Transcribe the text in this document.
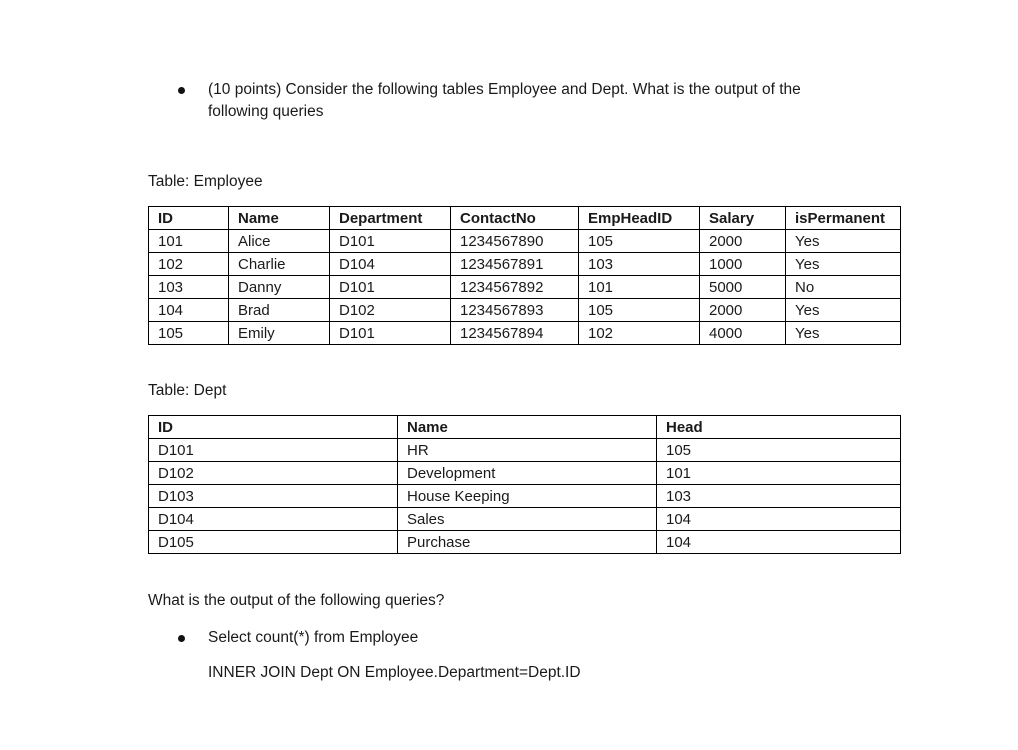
(10 points) Consider the following tables Employee and Dept. What is the output of the
following queries
Table: Employee
ID	Name	Department	ContactNo	EmpHeadID	Salary	isPermanent
101	Alice	D101	1234567890	105	2000	Yes
102	Charlie	D104	1234567891	103	1000	Yes
103	Danny	D101	1234567892	101	5000	No
104	Brad	D102	1234567893	105	2000	Yes
105	Emily	D101	1234567894	102	4000	Yes
Table: Dept
ID	Name	Head
D101	HR	105
D102	Development	101
D103	House Keeping	103
D104	Sales	104
D105	Purchase	104
What is the output of the following queries?
Select count(*) from Employee
INNER JOIN Dept ON Employee.Department=Dept.ID
